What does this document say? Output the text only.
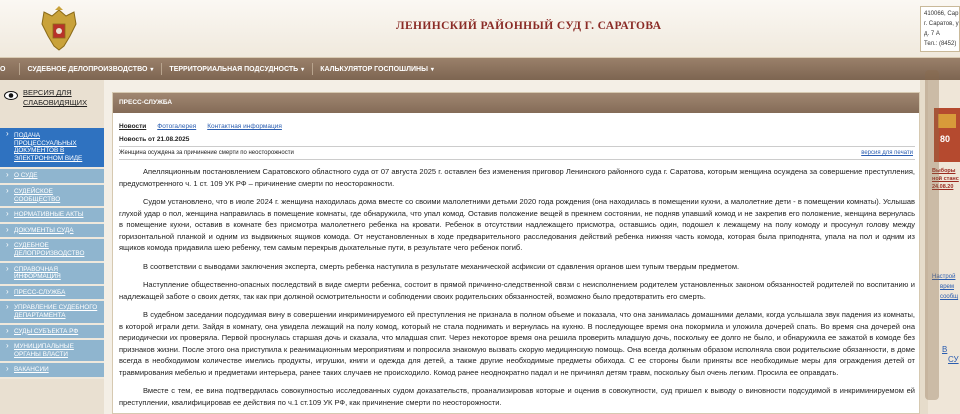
ЛЕНИНСКИЙ РАЙОННЫЙ СУД Г. САРАТОВА
410066, Сар
г. Саратов, у
д. 7 А
Тел.: (8452)
О	СУДЕБНОЕ ДЕЛОПРОИЗВОДСТВО ▾ ТЕРРИТОРИАЛЬНАЯ ПОДСУДНОСТЬ ▾ КАЛЬКУЛЯТОР ГОСПОШЛИНЫ ▾
ВЕРСИЯ ДЛЯ СЛАБОВИДЯЩИХ
› ПОДАЧА ПРОЦЕССУАЛЬНЫХ ДОКУМЕНТОВ В ЭЛЕКТРОННОМ ВИДЕ
› О СУДЕ
› СУДЕЙСКОЕ СООБЩЕСТВО
› НОРМАТИВНЫЕ АКТЫ
› ДОКУМЕНТЫ СУДА
› СУДЕБНОЕ ДЕЛОПРОИЗВОДСТВО
› СПРАВОЧНАЯ ИНФОРМАЦИЯ
› ПРЕСС-СЛУЖБА
› УПРАВЛЕНИЕ СУДЕБНОГО ДЕПАРТАМЕНТА
› СУДЫ СУБЪЕКТА РФ
› МУНИЦИПАЛЬНЫЕ ОРГАНЫ ВЛАСТИ
› ВАКАНСИИ
ПРЕСС-СЛУЖБА
Новости Фотогалерея Контактная информация
Новость от 21.08.2025
Женщина осуждена за причинение смерти по неосторожности	версия для печати

Апелляционным постановлением Саратовского областного суда от 07 августа 2025 г. оставлен без изменения приговор Ленинского районного суда г. Саратова, которым женщина осуждена за совершение преступления, предусмотренного ч. 1 ст. 109 УК РФ – причинение смерти по неосторожности.

Судом установлено, что в июле 2024 г. женщина находилась дома вместе со своими малолетними детьми 2020 года рождения (она находилась в помещении кухни, а малолетние дети - в помещении комнаты). Услышав глухой удар о пол, женщина направилась в помещение комнаты, где обнаружила, что упал комод. Оставив положение вещей в прежнем состоянии, не подняв упавший комод и не закрепив его положение, женщина вернулась в помещение кухни, оставив в комнате без присмотра малолетнего ребенка на кровати. Ребенок в отсутствии надлежащего присмотра, оставшись один, подошел к лежащему на полу комоду и просунул голову между горизонтальной планкой и одним из выдвижных ящиков комода. От неустановленных в ходе предварительного расследования действий ребенка нижняя часть комода, которая была приподнята, упала на пол и одним из ящиков комода придавила шею ребенку, тем самым перекрыв дыхательные пути, в результате чего ребенок погиб.

В соответствии с выводами заключения эксперта, смерть ребенка наступила в результате механической асфиксии от сдавления органов шеи тупым твердым предметом.

Наступление общественно-опасных последствий в виде смерти ребенка, состоит в прямой причинно-следственной связи с неисполнением родителем установленных законом обязанностей родителей по воспитанию и надлежащей заботе о своих детях, так как при должной осмотрительности и соблюдении своих родительских обязанностей, возможно было предотвратить его смерть.

В судебном заседании подсудимая вину в совершении инкриминируемого ей преступления не признала в полном объеме и показала, что она занималась домашними делами, когда услышала звук падения из комнаты, в которой играли дети. Зайдя в комнату, она увидела лежащий на полу комод, который не стала поднимать и вернулась на кухню. В последующее время она покормила и уложила дочерей спать. Во время сна дочерей она периодически их проверяла. Первой проснулась старшая дочь и сказала, что младшая спит. Через некоторое время она решила проверить младшую дочь, поскольку ее долго не было, и обнаружила ее зажатой в комоде без признаков жизни. После этого она приступила к реанимационным мероприятиям и попросила знакомую вызвать скорую медицинскую помощь. Она всегда должным образом исполняла свои родительские обязанности, в доме всегда в необходимом количестве имелись продукты, игрушки, книги и одежда для детей, а также другие необходимые предметы обихода. С ее стороны были приняты все необходимые меры для ограждения детей от травмирования мебелью и предметами интерьера, ранее таких случаев не происходило. Комод ранее неоднократно падал и не причинял детям травм, поскольку был очень легким. Просила ее оправдать.

Вместе с тем, ее вина подтвердилась совокупностью исследованных судом доказательств, проанализировав которые и оценив в совокупности, суд пришел к выводу о виновности подсудимой в инкриминируемом ей преступлении, квалифицировав ее действия по ч.1 ст.109 УК РФ, как причинение смерти по неосторожности.

80
Выборы
ной станс
24.08.20
Настрой
врем
сообщ
В
СУ
